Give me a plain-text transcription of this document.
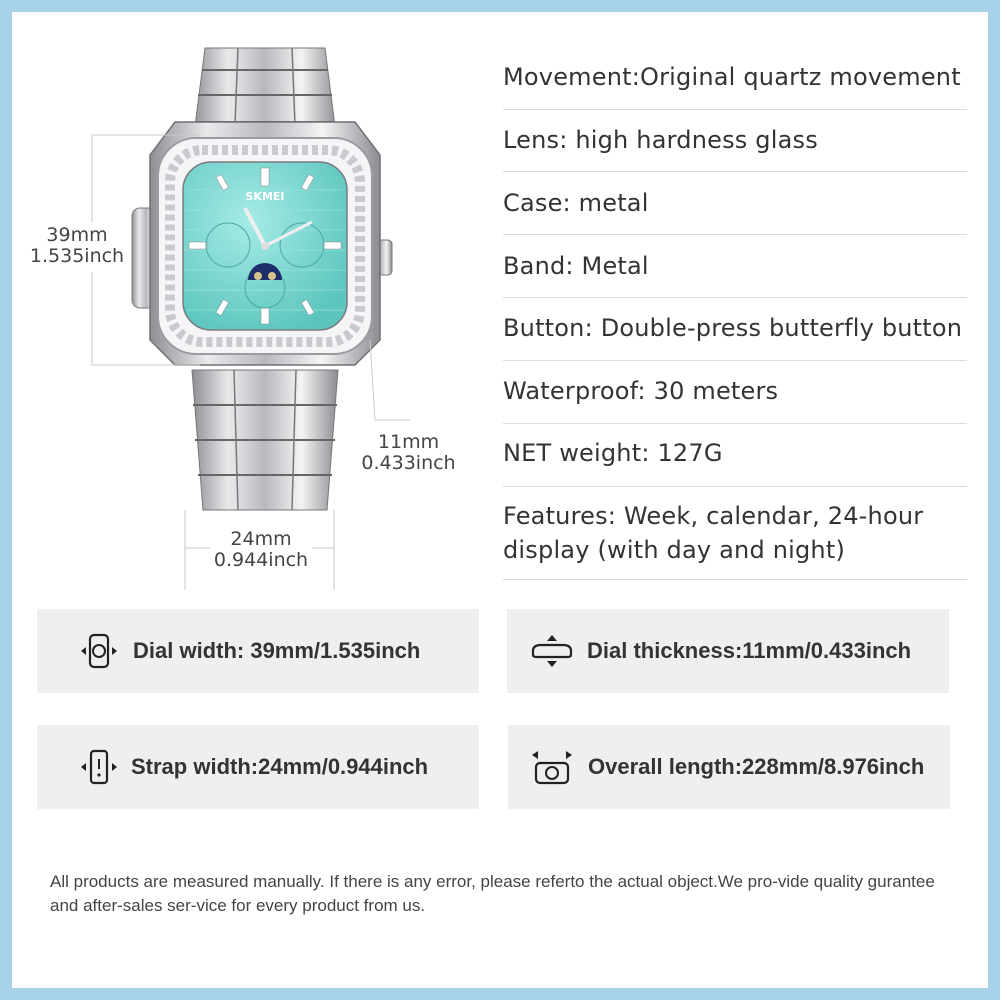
SKMEI
39mm
1.535inch
11mm
0.433inch
24mm
0.944inch
Movement:Original quartz movement
Lens: high hardness glass
Case: metal
Band: Metal
Button: Double-press butterfly button
Waterproof: 30 meters
NET weight: 127G
Features: Week, calendar, 24-hour
display (with day and night)
Dial width: 39mm/1.535inch	Dial thickness:11mm/0.433inch
Strap width:24mm/0.944inch	Overall length:228mm/8.976inch
All products are measured manually. If there is any error, please referto the actual object.We pro-vide quality gurantee and after-sales ser-vice for every product from us.
